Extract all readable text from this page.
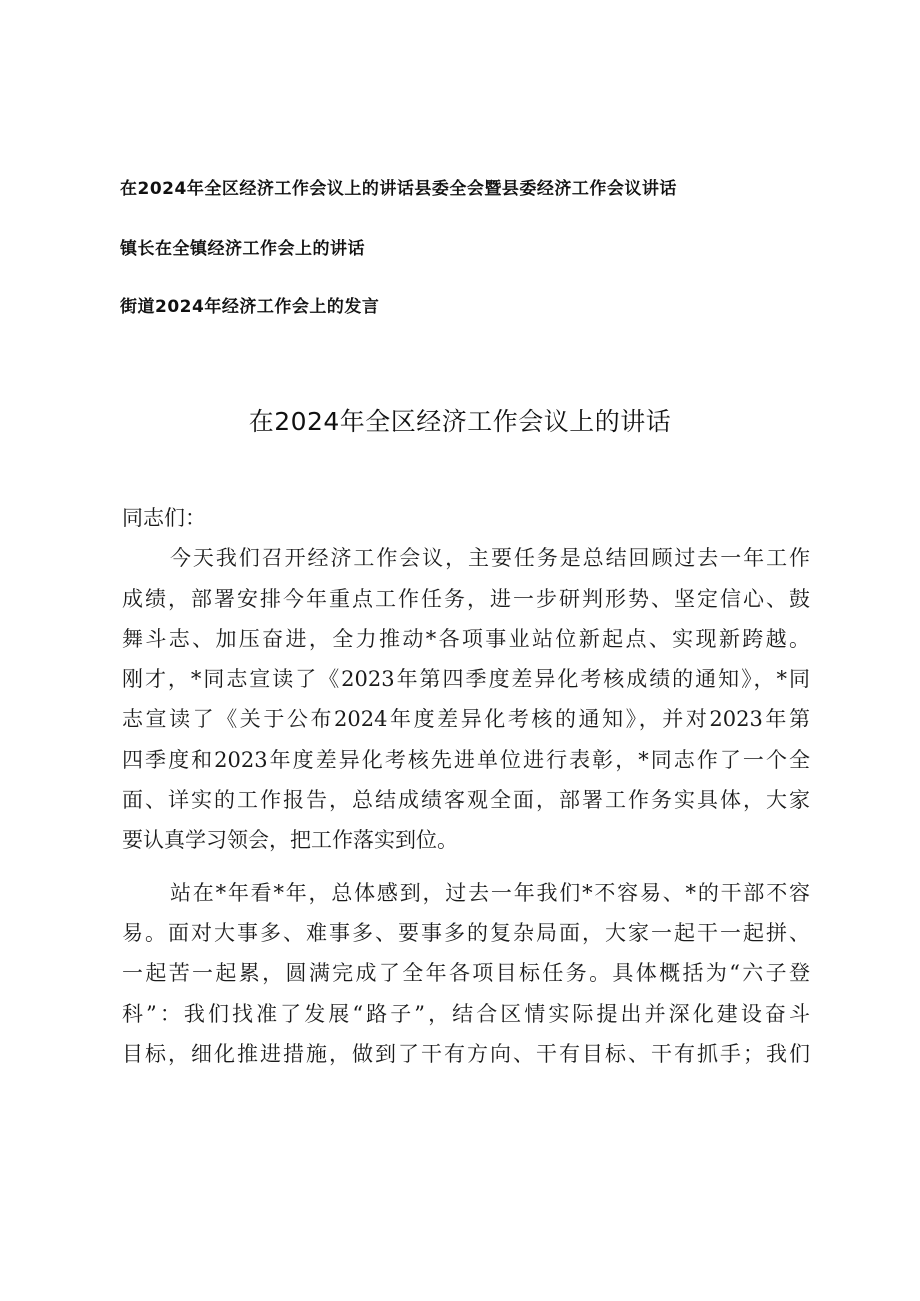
在2024年全区经济工作会议上的讲话县委全会暨县委经济工作会议讲话
镇长在全镇经济工作会上的讲话
街道2024年经济工作会上的发言
在2024年全区经济工作会议上的讲话
同志们：
今天我们召开经济工作会议，主要任务是总结回顾过去一年工作
成绩，部署安排今年重点工作任务，进一步研判形势、坚定信心、鼓
舞斗志、加压奋进，全力推动*各项事业站位新起点、实现新跨越。
刚才，*同志宣读了《2023年第四季度差异化考核成绩的通知》，*同
志宣读了《关于公布2024年度差异化考核的通知》，并对2023年第
四季度和2023年度差异化考核先进单位进行表彰，*同志作了一个全
面、详实的工作报告，总结成绩客观全面，部署工作务实具体，大家
要认真学习领会，把工作落实到位。
站在*年看*年，总体感到，过去一年我们*不容易、*的干部不容
易。面对大事多、难事多、要事多的复杂局面，大家一起干一起拼、
一起苦一起累，圆满完成了全年各项目标任务。具体概括为“六子登
科”：我们找准了发展“路子”，结合区情实际提出并深化建设奋斗
目标，细化推进措施，做到了干有方向、干有目标、干有抓手；我们
